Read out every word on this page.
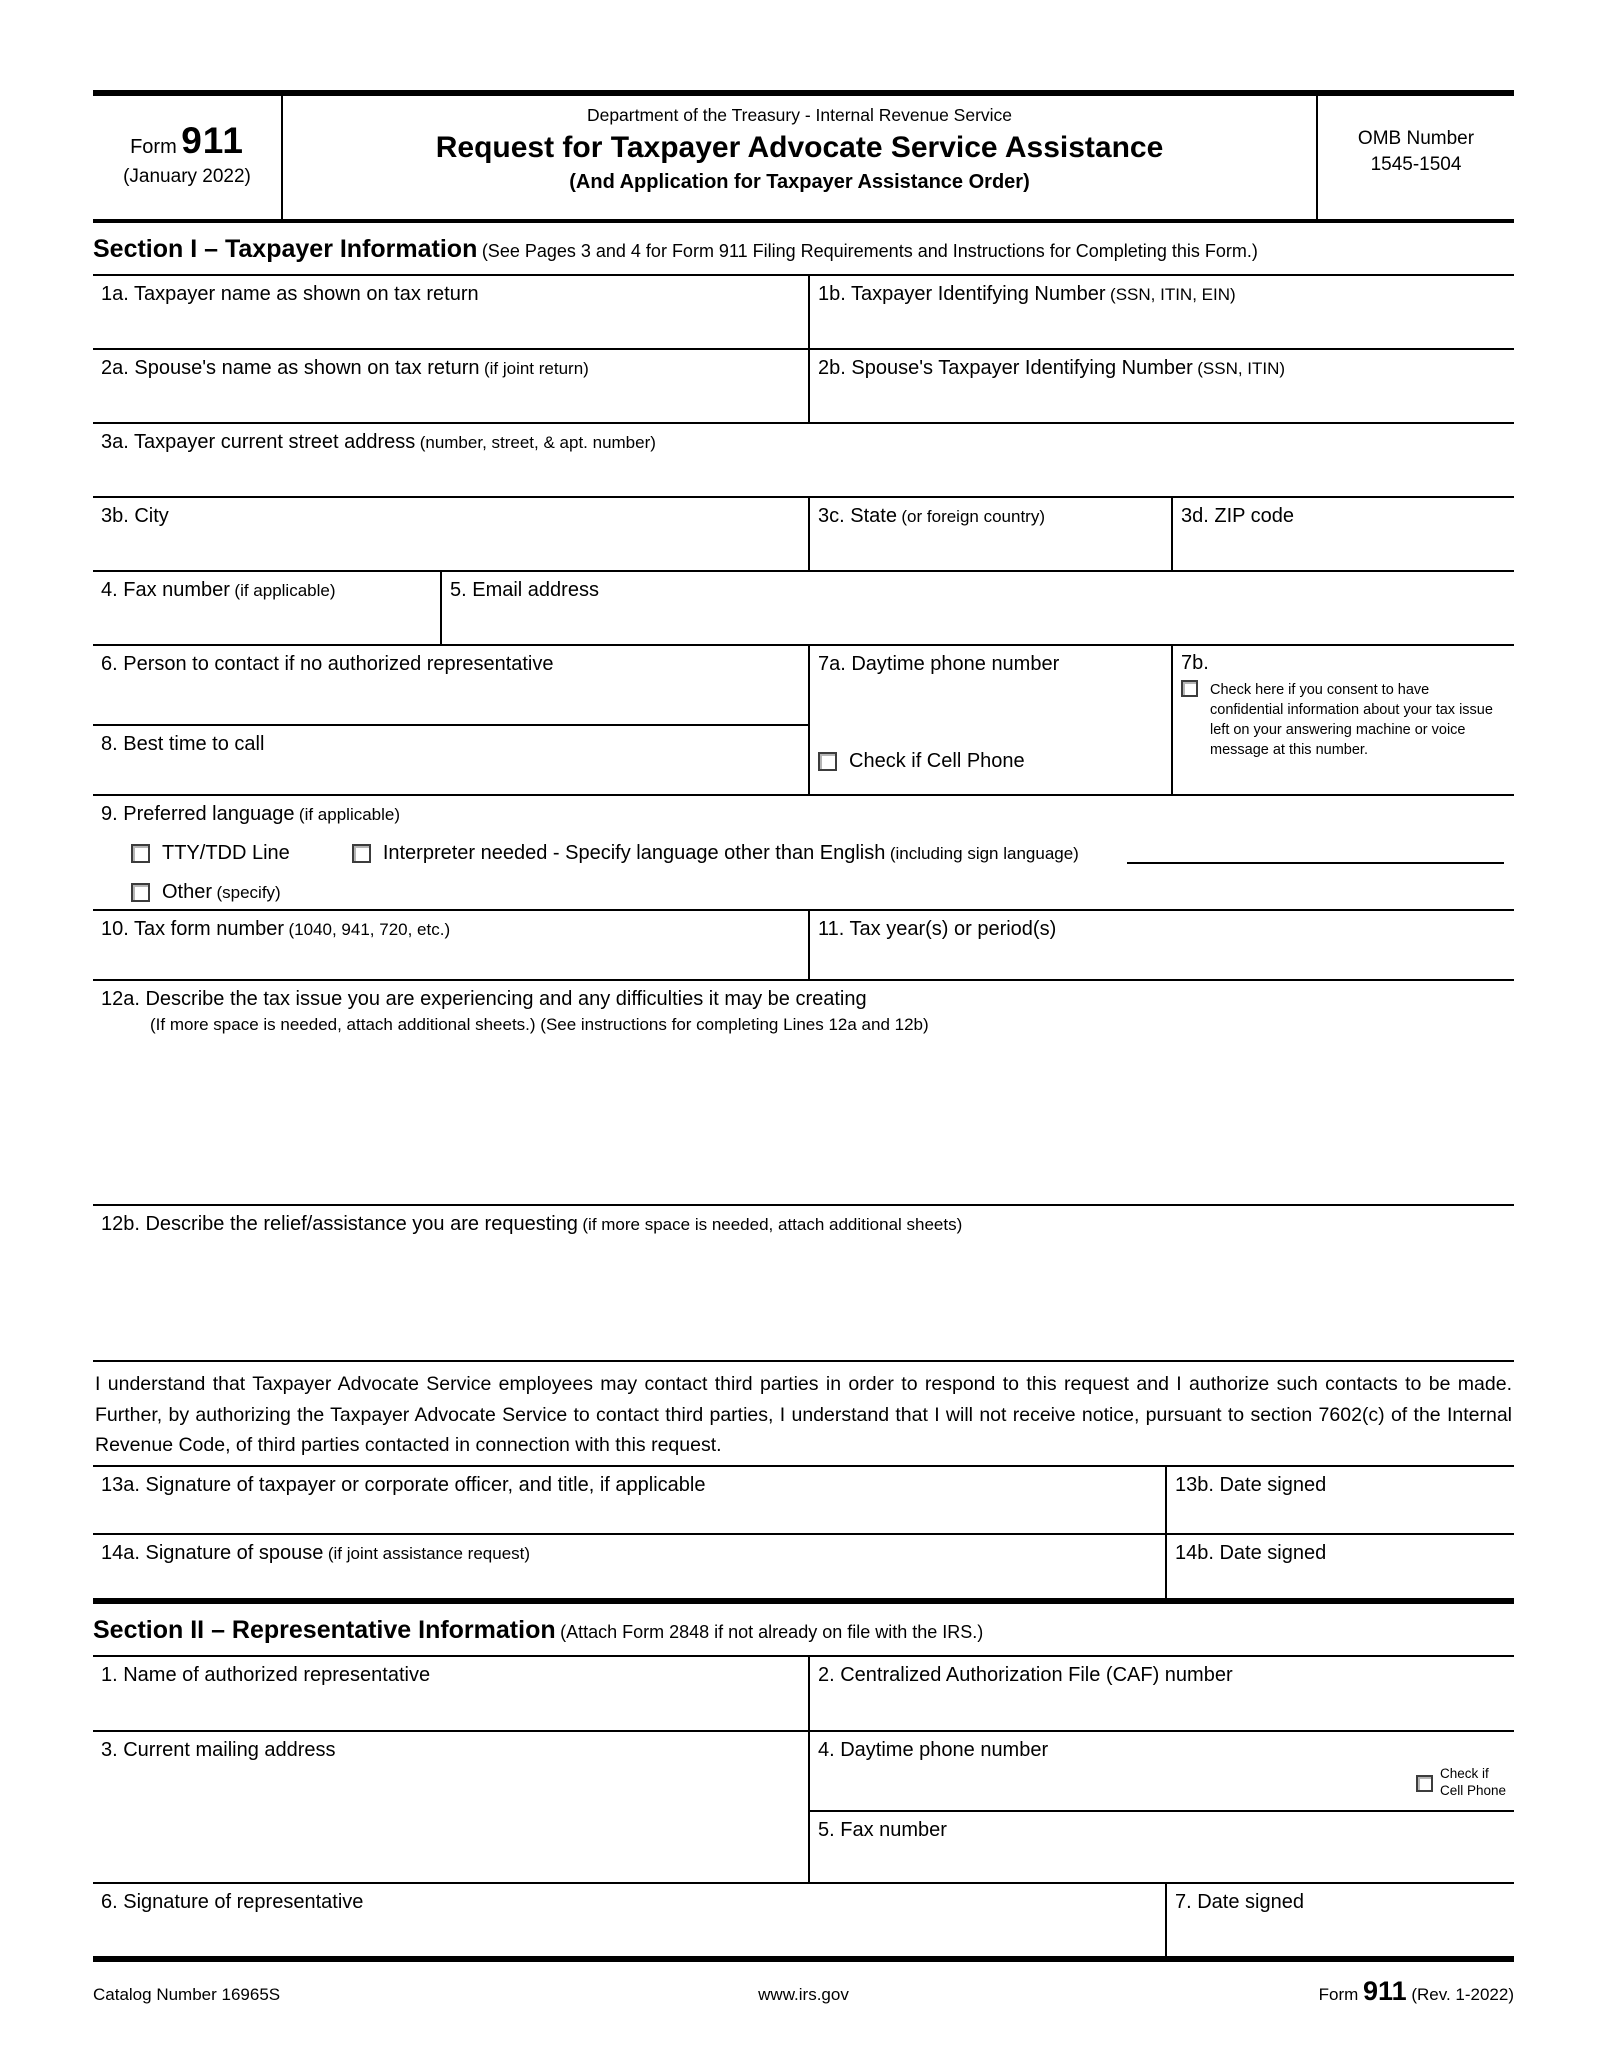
Form 911
(January 2022)
Department of the Treasury - Internal Revenue Service
Request for Taxpayer Advocate Service Assistance
(And Application for Taxpayer Assistance Order)
OMB Number
1545-1504
Section I – Taxpayer Information (See Pages 3 and 4 for Form 911 Filing Requirements and Instructions for Completing this Form.)
1a. Taxpayer name as shown on tax return	1b. Taxpayer Identifying Number (SSN, ITIN, EIN)
2a. Spouse's name as shown on tax return (if joint return)	2b. Spouse's Taxpayer Identifying Number (SSN, ITIN)
3a. Taxpayer current street address (number, street, & apt. number)
3b. City	3c. State (or foreign country)	3d. ZIP code
4. Fax number (if applicable)	5. Email address
6. Person to contact if no authorized representative
8. Best time to call
7a. Daytime phone number
Check if Cell Phone
7b.
Check here if you consent to have confidential information about your tax issue left on your answering machine or voice message at this number.
9. Preferred language (if applicable)
TTY/TDD Line	Interpreter needed - Specify language other than English
(including sign language)
Other
(specify)
10. Tax form number (1040, 941, 720, etc.)	11. Tax year(s) or period(s)
12a. Describe the tax issue you are experiencing and any difficulties it may be creating
(If more space is needed, attach additional sheets.) (See instructions for completing Lines 12a and 12b)
12b. Describe the relief/assistance you are requesting (if more space is needed, attach additional sheets)

I understand that Taxpayer Advocate Service employees may contact third parties in order to respond to this request and I authorize such contacts to be made. Further, by authorizing the Taxpayer Advocate Service to contact third parties, I understand that I will not receive notice, pursuant to section 7602(c) of the Internal Revenue Code, of third parties contacted in connection with this request.

13a. Signature of taxpayer or corporate officer, and title, if applicable	13b. Date signed
14a. Signature of spouse (if joint assistance request)	14b. Date signed
Section II – Representative Information (Attach Form 2848 if not already on file with the IRS.)
1. Name of authorized representative	2. Centralized Authorization File (CAF) number
3. Current mailing address	4. Daytime phone number
Check if
Cell Phone
5. Fax number
6. Signature of representative	7. Date signed
Catalog Number 16965S	www.irs.gov	Form 911 (Rev. 1-2022)
